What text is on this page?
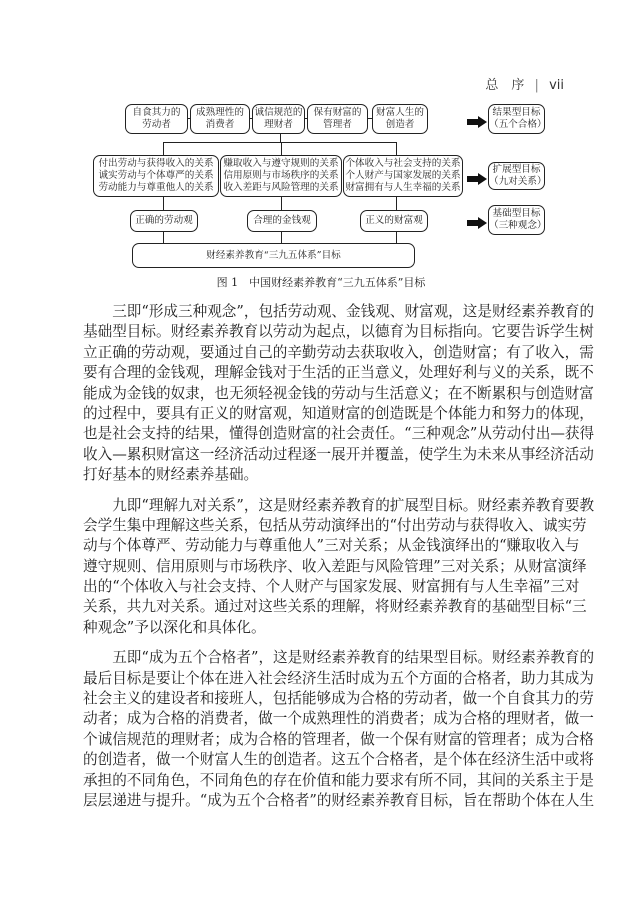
总　序 | vii
自食其力的
劳动者
成熟理性的
消费者
诚信规范的
理财者
保有财富的
管理者
财富人生的
创造者
付出劳动与获得收入的关系
诚实劳动与个体尊严的关系
劳动能力与尊重他人的关系
赚取收入与遵守规则的关系
信用原则与市场秩序的关系
收入差距与风险管理的关系
个体收入与社会支持的关系
个人财产与国家发展的关系
财富拥有与人生幸福的关系
正确的劳动观	合理的金钱观	正义的财富观
财经素养教育“三九五体系”目标
结果型目标
（五个合格）
扩展型目标
（九对关系）
基础型目标
（三种观念）
图 1　中国财经素养教育“三九五体系”目标
　　三即“形成三种观念”，包括劳动观、金钱观、财富观，这是财经素养教育的
基础型目标。财经素养教育以劳动为起点，以德育为目标指向。它要告诉学生树
立正确的劳动观，要通过自己的辛勤劳动去获取收入，创造财富；有了收入，需
要有合理的金钱观，理解金钱对于生活的正当意义，处理好利与义的关系，既不
能成为金钱的奴隶，也无须轻视金钱的劳动与生活意义；在不断累积与创造财富
的过程中，要具有正义的财富观，知道财富的创造既是个体能力和努力的体现，
也是社会支持的结果，懂得创造财富的社会责任。“三种观念”从劳动付出—获得
收入—累积财富这一经济活动过程逐一展开并覆盖，使学生为未来从事经济活动
打好基本的财经素养基础。
　　九即“理解九对关系”，这是财经素养教育的扩展型目标。财经素养教育要教
会学生集中理解这些关系，包括从劳动演绎出的“付出劳动与获得收入、诚实劳
动与个体尊严、劳动能力与尊重他人”三对关系；从金钱演绎出的“赚取收入与
遵守规则、信用原则与市场秩序、收入差距与风险管理”三对关系；从财富演绎
出的“个体收入与社会支持、个人财产与国家发展、财富拥有与人生幸福”三对
关系，共九对关系。通过对这些关系的理解，将财经素养教育的基础型目标“三
种观念”予以深化和具体化。
　　五即“成为五个合格者”，这是财经素养教育的结果型目标。财经素养教育的
最后目标是要让个体在进入社会经济生活时成为五个方面的合格者，助力其成为
社会主义的建设者和接班人，包括能够成为合格的劳动者，做一个自食其力的劳
动者；成为合格的消费者，做一个成熟理性的消费者；成为合格的理财者，做一
个诚信规范的理财者；成为合格的管理者，做一个保有财富的管理者；成为合格
的创造者，做一个财富人生的创造者。这五个合格者，是个体在经济生活中或将
承担的不同角色，不同角色的存在价值和能力要求有所不同，其间的关系主于是
层层递进与提升。“成为五个合格者”的财经素养教育目标，旨在帮助个体在人生
